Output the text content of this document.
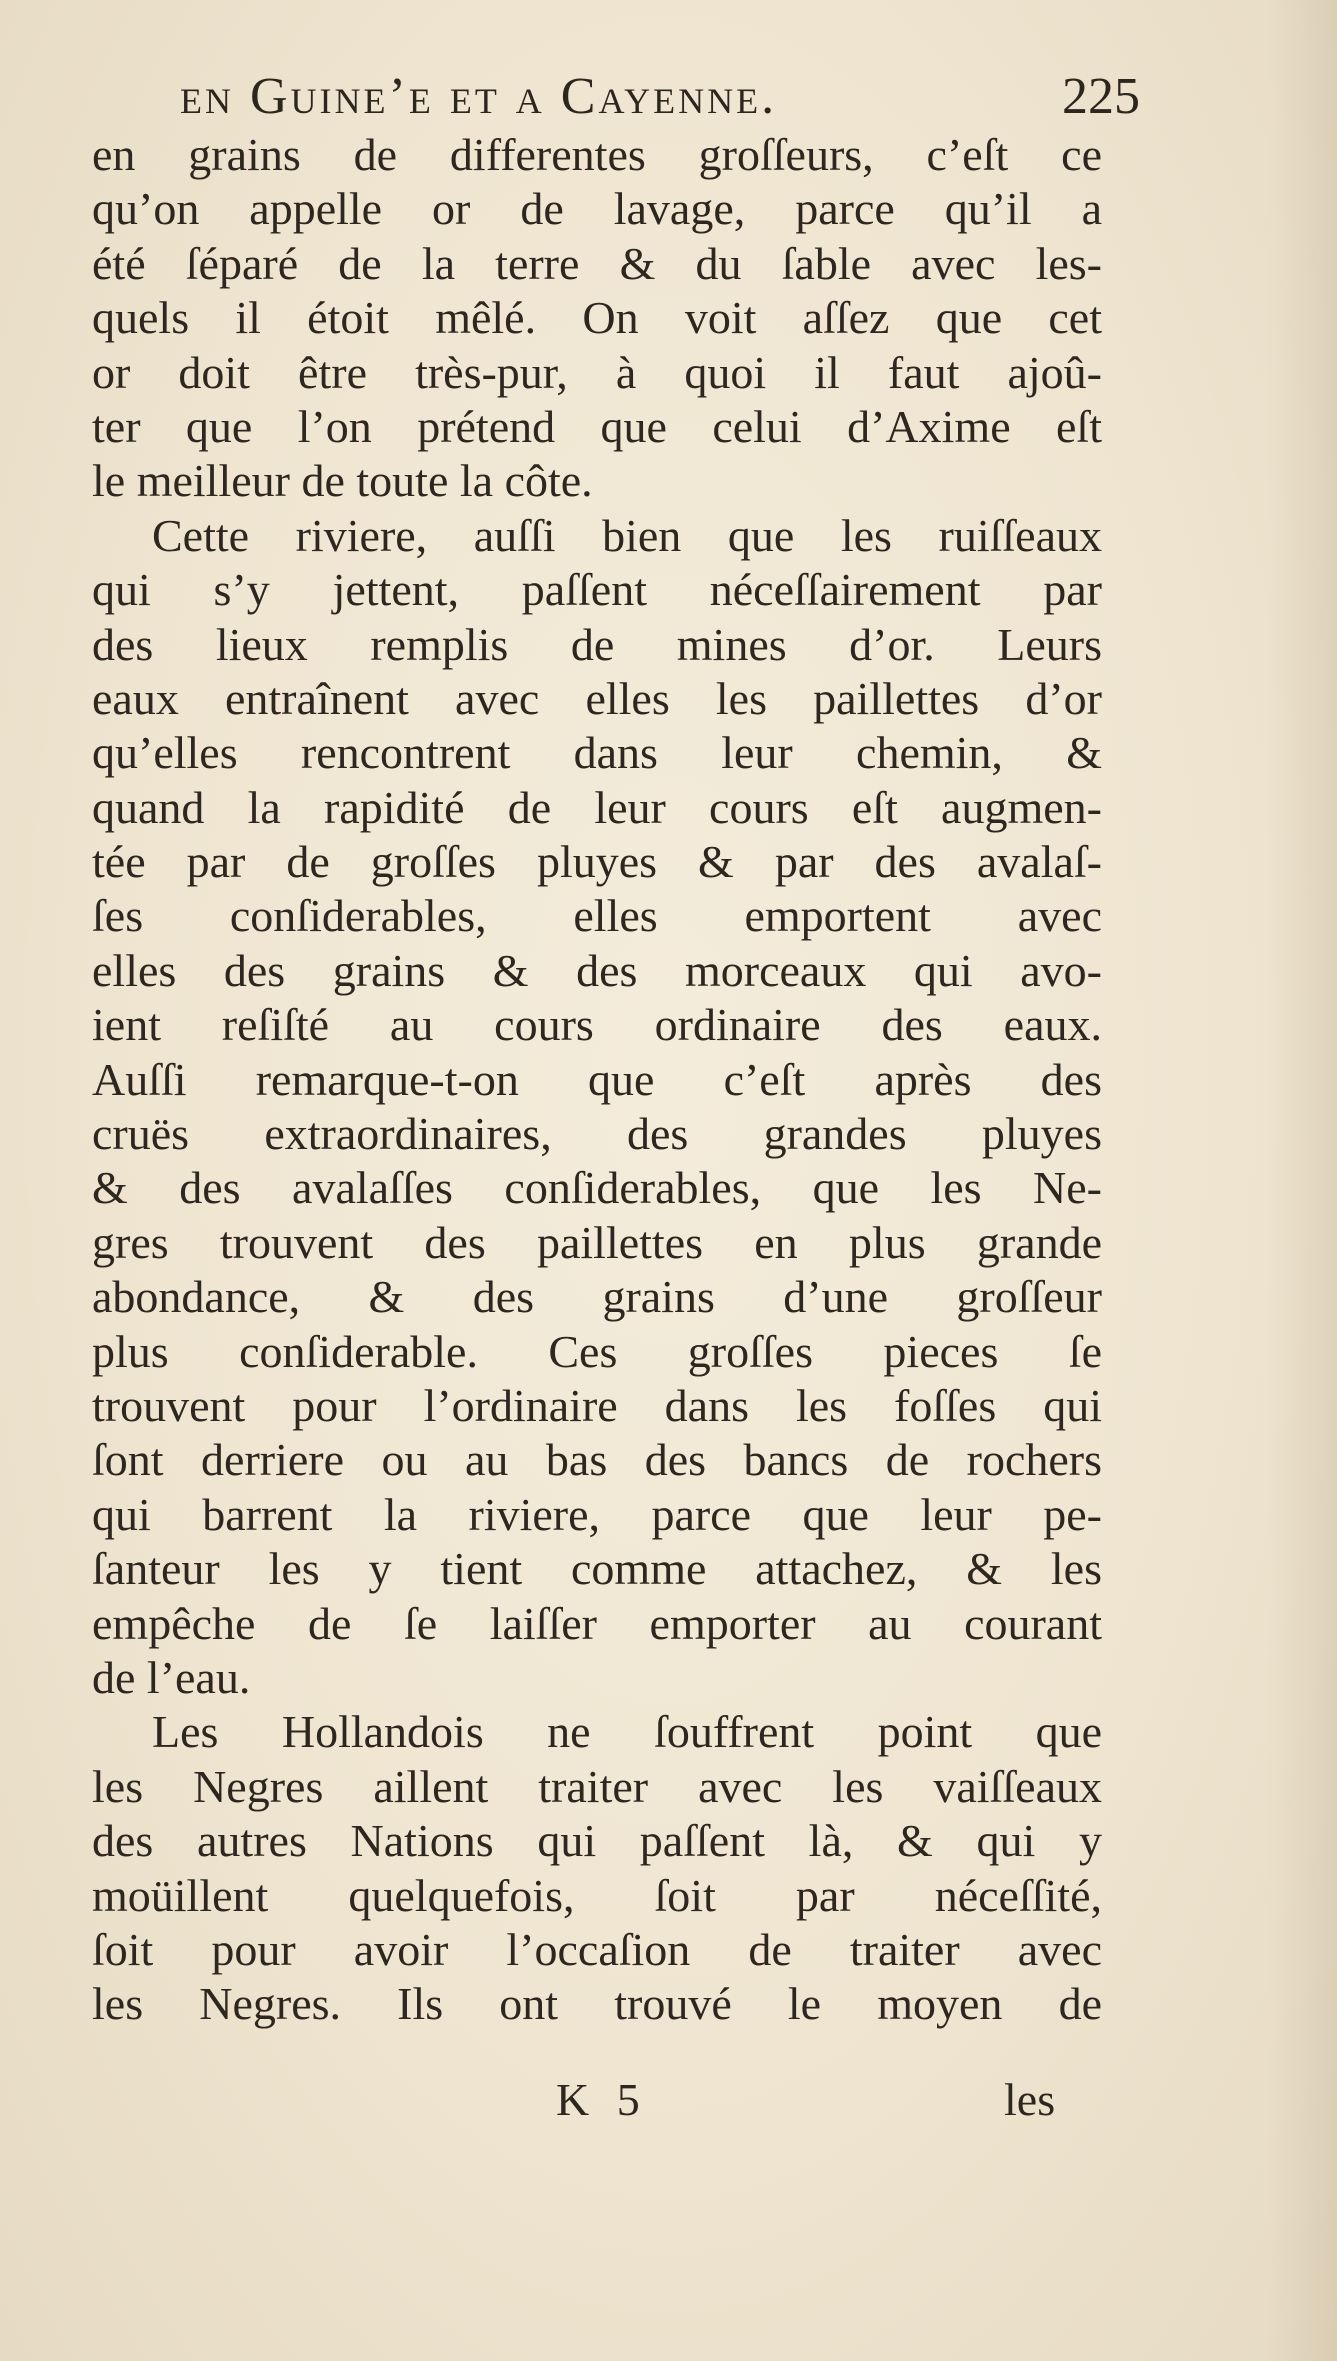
en Guine’e et a Cayenne.	225
en grains de differentes groſſeurs, c’eſt ce
qu’on appelle or de lavage, parce qu’il a
été ſéparé de la terre & du ſable avec les-
quels il étoit mêlé. On voit aſſez que cet
or doit être très-pur, à quoi il faut ajoû-
ter que l’on prétend que celui d’Axime eſt
le meilleur de toute la côte.
Cette riviere, auſſi bien que les ruiſſeaux
qui s’y jettent, paſſent néceſſairement par
des lieux remplis de mines d’or. Leurs
eaux entraînent avec elles les paillettes d’or
qu’elles rencontrent dans leur chemin, &
quand la rapidité de leur cours eſt augmen-
tée par de groſſes pluyes & par des avalaſ-
ſes conſiderables, elles emportent avec
elles des grains & des morceaux qui avo-
ient reſiſté au cours ordinaire des eaux.
Auſſi remarque-t-on que c’eſt après des
cruës extraordinaires, des grandes pluyes
& des avalaſſes conſiderables, que les Ne-
gres trouvent des paillettes en plus grande
abondance, & des grains d’une groſſeur
plus conſiderable. Ces groſſes pieces ſe
trouvent pour l’ordinaire dans les foſſes qui
ſont derriere ou au bas des bancs de rochers
qui barrent la riviere, parce que leur pe-
ſanteur les y tient comme attachez, & les
empêche de ſe laiſſer emporter au courant
de l’eau.
Les Hollandois ne ſouffrent point que
les Negres aillent traiter avec les vaiſſeaux
des autres Nations qui paſſent là, & qui y
moüillent quelquefois, ſoit par néceſſité,
ſoit pour avoir l’occaſion de traiter avec
les Negres. Ils ont trouvé le moyen de
K 5	les
